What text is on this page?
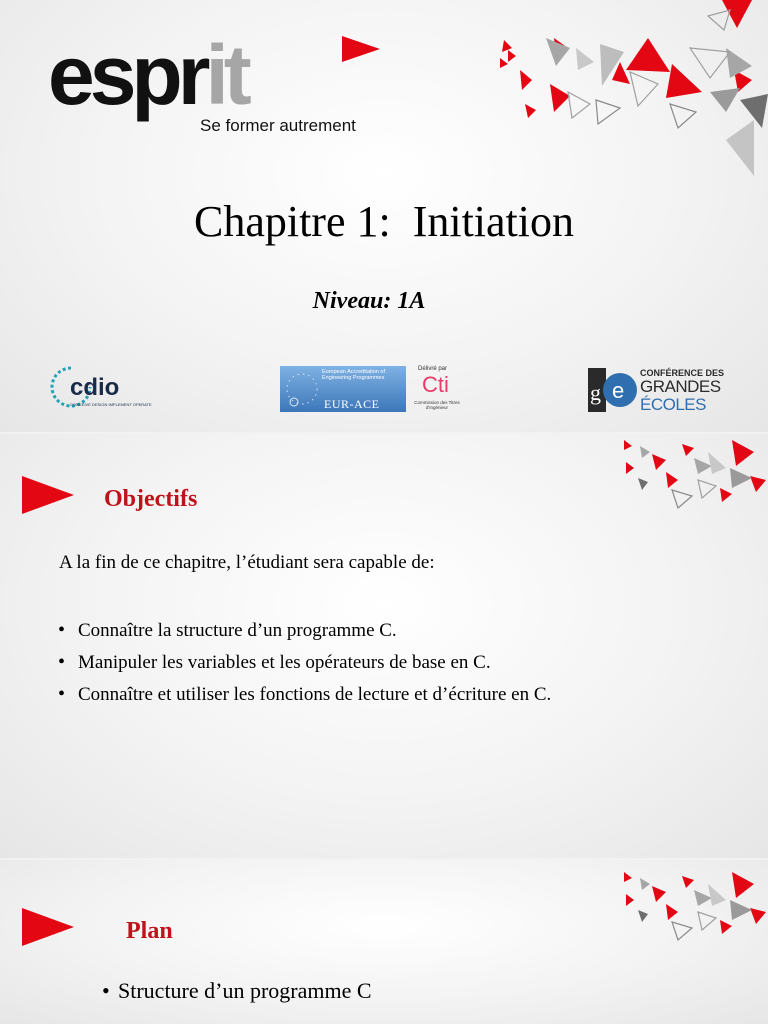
esprit
Se former autrement
Chapitre 1:  Initiation
Niveau: 1A
cdio
CONCEIVE DESIGN IMPLEMENT OPERATE
European Accreditation of Engineering Programmes
EUR-ACE
Délivré par
Cti
Commission des Titres d'Ingénieur
g e
CONFÉRENCE DES
GRANDES
ÉCOLES
Objectifs
A la fin de ce chapitre, l’étudiant sera capable de:
• Connaître la structure d’un programme C.
• Manipuler les variables et les opérateurs de base en C.
• Connaître et utiliser les fonctions de lecture et d’écriture en C.
Plan
• Structure d’un programme C
